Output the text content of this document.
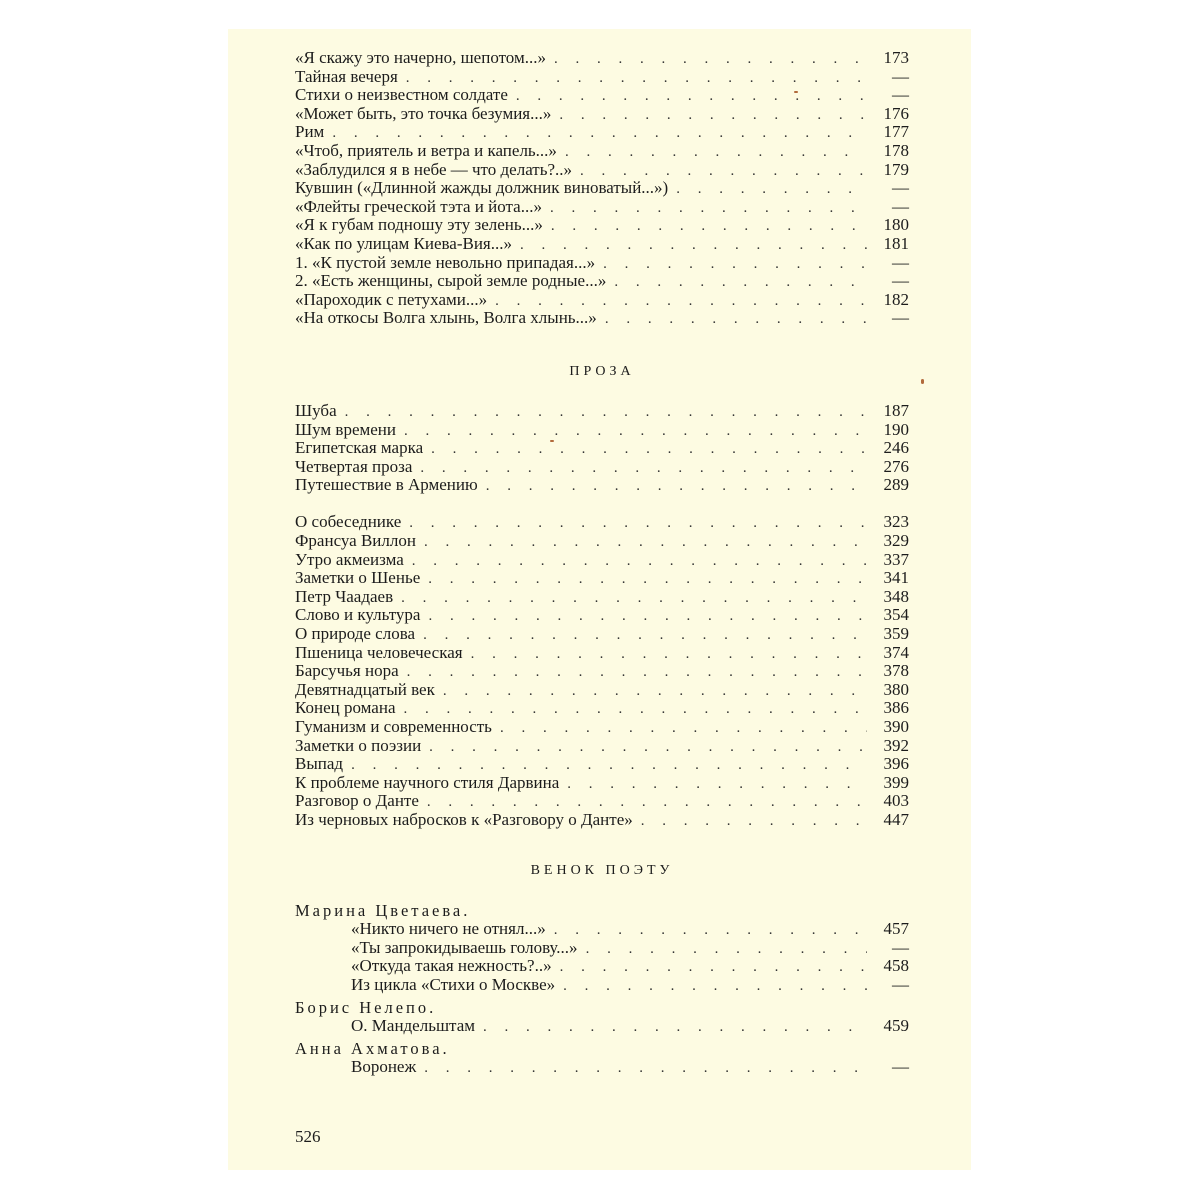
«Я скажу это начерно, шепотом...» . . .	173
Тайная вечеря . . .	—
Стихи о неизвестном солдате . . .	—
«Может быть, это точка безумия...» . . .	176
Рим . . .	177
«Чтоб, приятель и ветра и капель...» . . .	178
«Заблудился я в небе — что делать?..» . . .	179
Кувшин («Длинной жажды должник виноватый...») . . .	—
«Флейты греческой тэта и йота...» . . .	—
«Я к губам подношу эту зелень...» . . .	180
«Как по улицам Киева-Вия...» . . .	181
1. «К пустой земле невольно припадая...» . . .	—
2. «Есть женщины, сырой земле родные...» . . .	—
«Пароходик с петухами...» . . .	182
«На откосы Волга хлынь, Волга хлынь...» . . .	—
ПРОЗА
Шуба . . .	187
Шум времени . . .	190
Египетская марка . . .	246
Четвертая проза . . .	276
Путешествие в Армению . . .	289
О собеседнике . . .	323
Франсуа Виллон . . .	329
Утро акмеизма . . .	337
Заметки о Шенье . . .	341
Петр Чаадаев . . .	348
Слово и культура . . .	354
О природе слова . . .	359
Пшеница человеческая . . .	374
Барсучья нора . . .	378
Девятнадцатый век . . .	380
Конец романа . . .	386
Гуманизм и современность . . .	390
Заметки о поэзии . . .	392
Выпад . . .	396
К проблеме научного стиля Дарвина . . .	399
Разговор о Данте . . .	403
Из черновых набросков к «Разговору о Данте» . . .	447
ВЕНОК ПОЭТУ
Марина Цветаева.
«Никто ничего не отнял...» . . .	457
«Ты запрокидываешь голову...» . . .	—
«Откуда такая нежность?..» . . .	458
Из цикла «Стихи о Москве» . . .	—
Борис Нелепо.
О. Мандельштам . . .	459
Анна Ахматова.
Воронеж . . .	—
526
